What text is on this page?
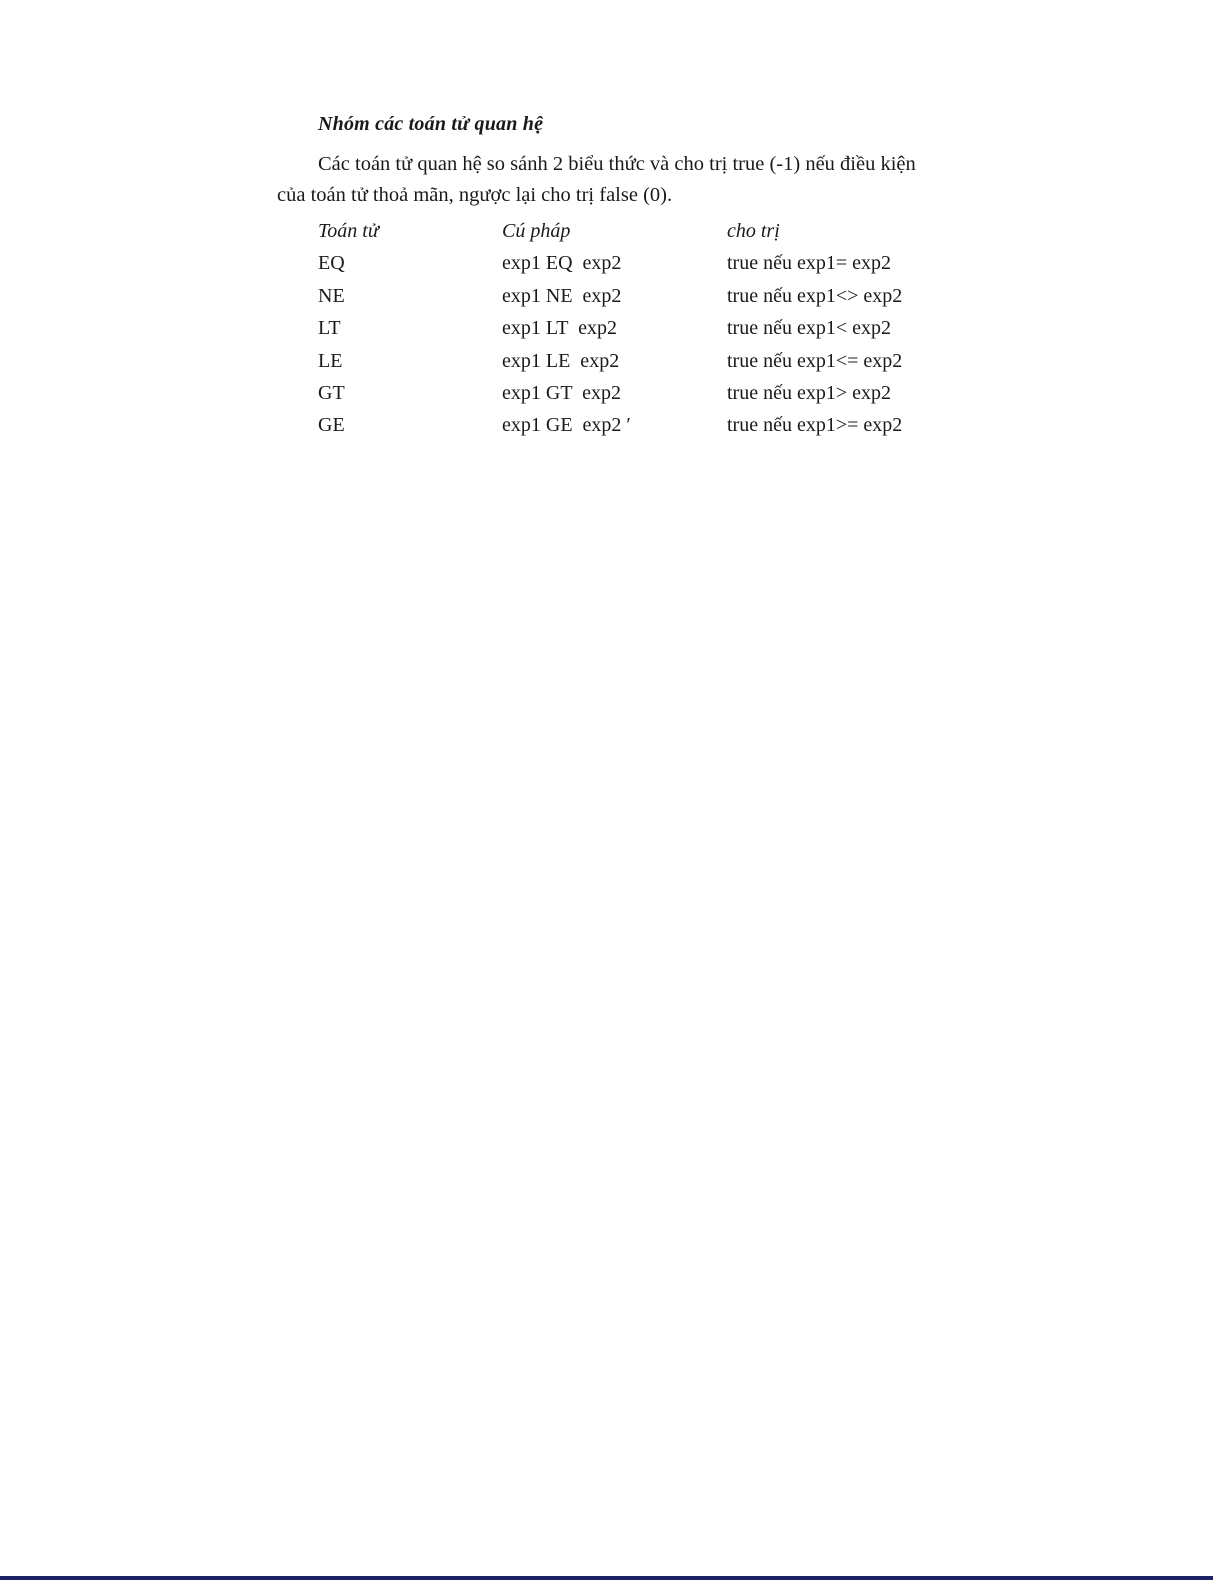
Nhóm các toán tử quan hệ
Các toán tử quan hệ so sánh 2 biểu thức và cho trị true (-1) nếu điều kiện
của toán tử thoả mãn, ngược lại cho trị false (0).
Toán tử	Cú pháp	cho trị
EQ	exp1 EQ  exp2	true nếu exp1= exp2
NE	exp1 NE  exp2	true nếu exp1<> exp2
LT	exp1 LT  exp2	true nếu exp1< exp2
LE	exp1 LE  exp2	true nếu exp1<= exp2
GT	exp1 GT  exp2	true nếu exp1> exp2
GE	exp1 GE  exp2 ′	true nếu exp1>= exp2
